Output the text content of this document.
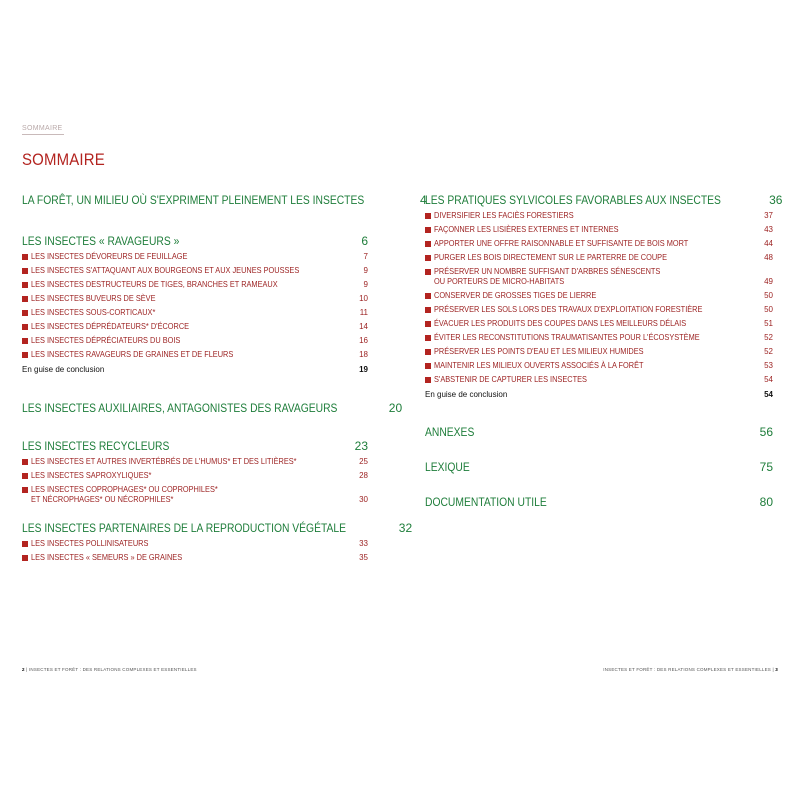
SOMMAIRE
SOMMAIRE
LA FORÊT, UN MILIEU OÙ S'EXPRIMENT PLEINEMENT LES INSECTES	4
LES INSECTES « RAVAGEURS »	6
LES INSECTES DÉVOREURS DE FEUILLAGE	7
LES INSECTES S'ATTAQUANT AUX BOURGEONS ET AUX JEUNES POUSSES	9
LES INSECTES DESTRUCTEURS DE TIGES, BRANCHES ET RAMEAUX	9
LES INSECTES BUVEURS DE SÈVE	10
LES INSECTES SOUS-CORTICAUX*	11
LES INSECTES DÉPRÉDATEURS* D'ÉCORCE	14
LES INSECTES DÉPRÉCIATEURS DU BOIS	16
LES INSECTES RAVAGEURS DE GRAINES ET DE FLEURS	18
En guise de conclusion	19
LES INSECTES AUXILIAIRES, ANTAGONISTES DES RAVAGEURS	20
LES INSECTES RECYCLEURS	23
LES INSECTES ET AUTRES INVERTÉBRÉS DE L'HUMUS* ET DES LITIÈRES*	25
LES INSECTES SAPROXYLIQUES*	28
LES INSECTES COPROPHAGES* OU COPROPHILES*
ET NÉCROPHAGES* OU NÉCROPHILES*	30
LES INSECTES PARTENAIRES DE LA REPRODUCTION VÉGÉTALE	32
LES INSECTES POLLINISATEURS	33
LES INSECTES « SEMEURS » DE GRAINES	35
LES PRATIQUES SYLVICOLES FAVORABLES AUX INSECTES	36
DIVERSIFIER LES FACIÈS FORESTIERS	37
FAÇONNER LES LISIÈRES EXTERNES ET INTERNES	43
APPORTER UNE OFFRE RAISONNABLE ET SUFFISANTE DE BOIS MORT	44
PURGER LES BOIS DIRECTEMENT SUR LE PARTERRE DE COUPE	48
PRÉSERVER UN NOMBRE SUFFISANT D'ARBRES SÉNESCENTS
OU PORTEURS DE MICRO-HABITATS	49
CONSERVER DE GROSSES TIGES DE LIERRE	50
PRÉSERVER LES SOLS LORS DES TRAVAUX D'EXPLOITATION FORESTIÈRE	50
ÉVACUER LES PRODUITS DES COUPES DANS LES MEILLEURS DÉLAIS	51
ÉVITER LES RECONSTITUTIONS TRAUMATISANTES POUR L'ÉCOSYSTÈME	52
PRÉSERVER LES POINTS D'EAU ET LES MILIEUX HUMIDES	52
MAINTENIR LES MILIEUX OUVERTS ASSOCIÉS À LA FORÊT	53
S'ABSTENIR DE CAPTURER LES INSECTES	54
En guise de conclusion	54
ANNEXES	56
LEXIQUE	75
DOCUMENTATION UTILE	80
2 | INSECTES ET FORÊT : DES RELATIONS COMPLEXES ET ESSENTIELLES	INSECTES ET FORÊT : DES RELATIONS COMPLEXES ET ESSENTIELLES | 3
